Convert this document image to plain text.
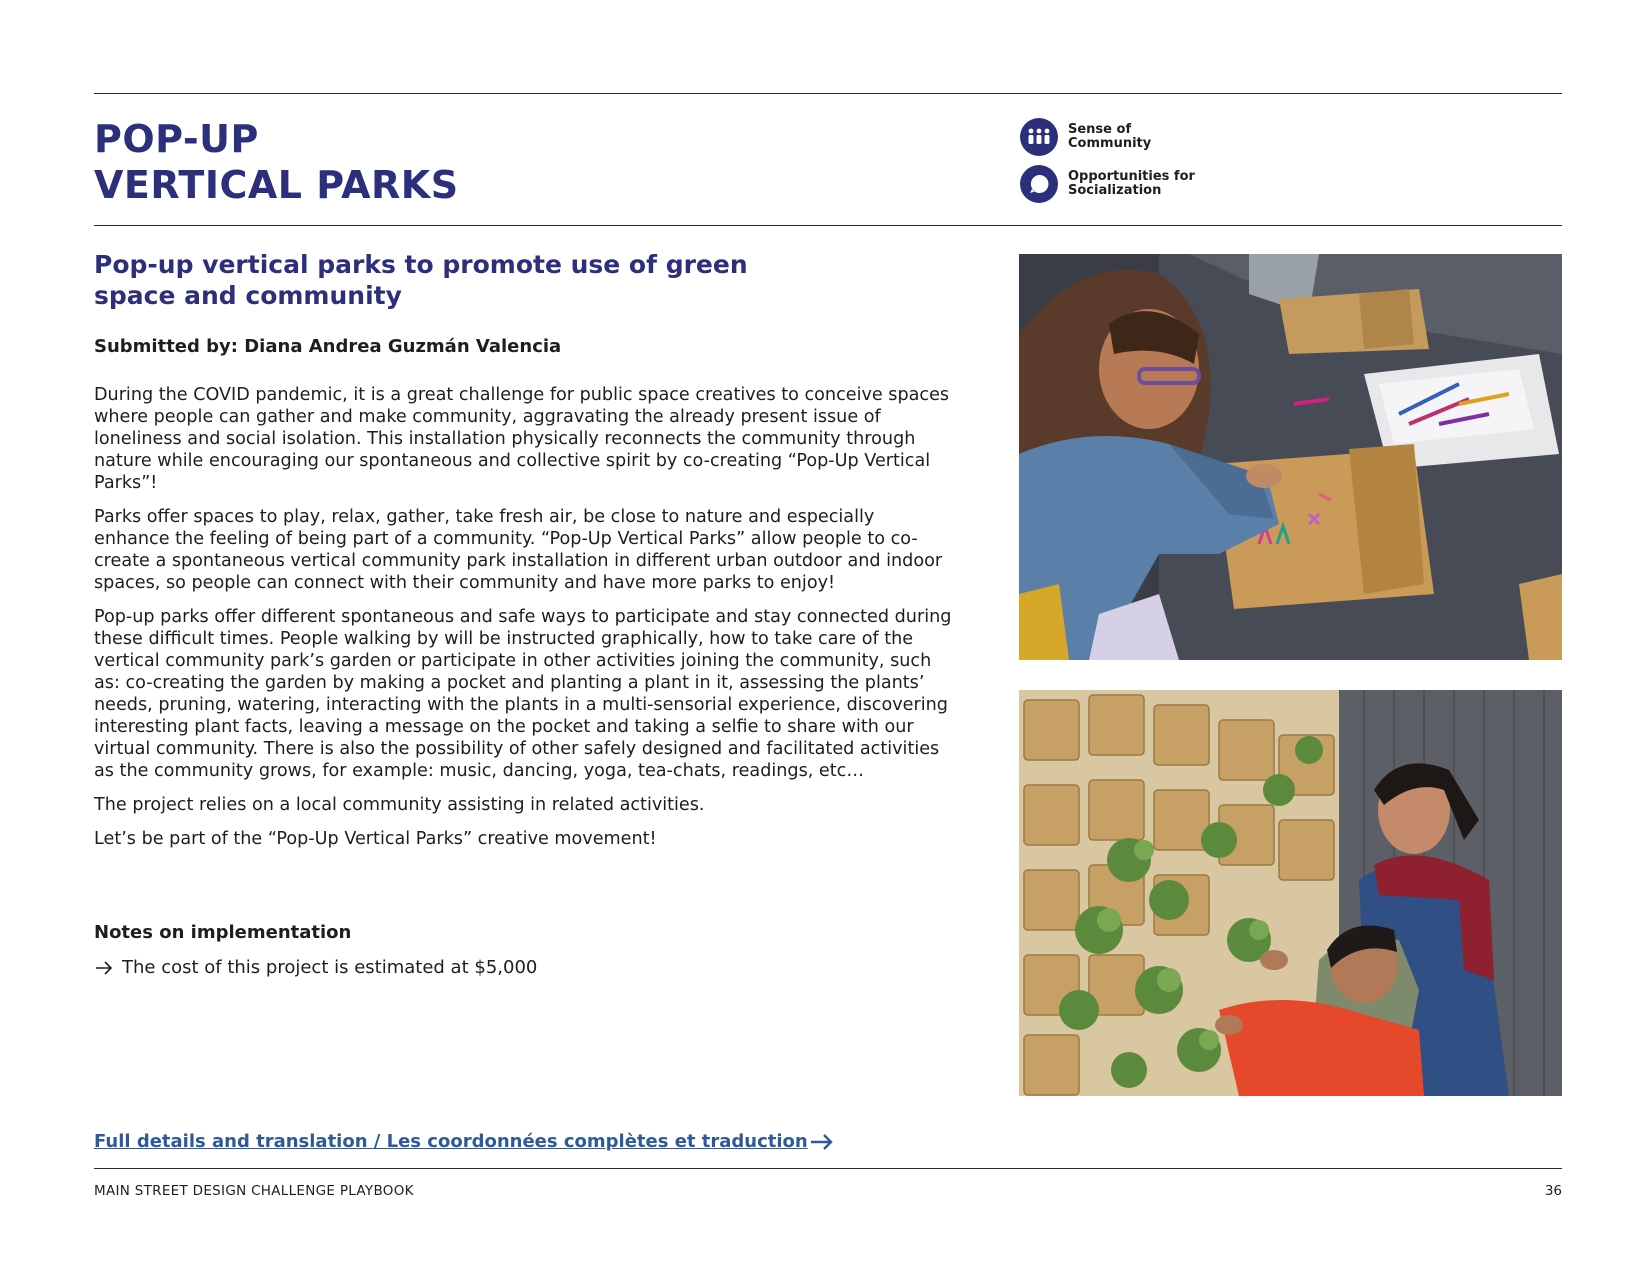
POP-UP
VERTICAL PARKS
Sense of Community
Opportunities for Socialization
Pop-up vertical parks to promote use of green space and community

Submitted by: Diana Andrea Guzmán Valencia

During the COVID pandemic, it is a great challenge for public space creatives to conceive spaces where people can gather and make community, aggravating the already present issue of loneliness and social isolation. This installation physically reconnects the community through nature while encouraging our spontaneous and collective spirit by co-creating “Pop-Up Vertical Parks”!

Parks offer spaces to play, relax, gather, take fresh air, be close to nature and especially enhance the feeling of being part of a community. “Pop-Up Vertical Parks” allow people to co-create a spontaneous vertical community park installation in different urban outdoor and indoor spaces, so people can connect with their community and have more parks to enjoy!

Pop-up parks offer different spontaneous and safe ways to participate and stay connected during these difficult times. People walking by will be instructed graphically, how to take care of the vertical community park’s garden or participate in other activities joining the community, such as: co-creating the garden by making a pocket and planting a plant in it, assessing the plants’ needs, pruning, watering, interacting with the plants in a multi-sensorial experience, discovering interesting plant facts, leaving a message on the pocket and taking a selfie to share with our virtual community. There is also the possibility of other safely designed and facilitated activities as the community grows, for example: music, dancing, yoga, tea-chats, readings, etc…

The project relies on a local community assisting in related activities.

Let’s be part of the “Pop-Up Vertical Parks” creative movement!

Notes on implementation
The cost of this project is estimated at $5,000
Full details and translation / Les coordonnées complètes et traduction
MAIN STREET DESIGN CHALLENGE PLAYBOOK	36
